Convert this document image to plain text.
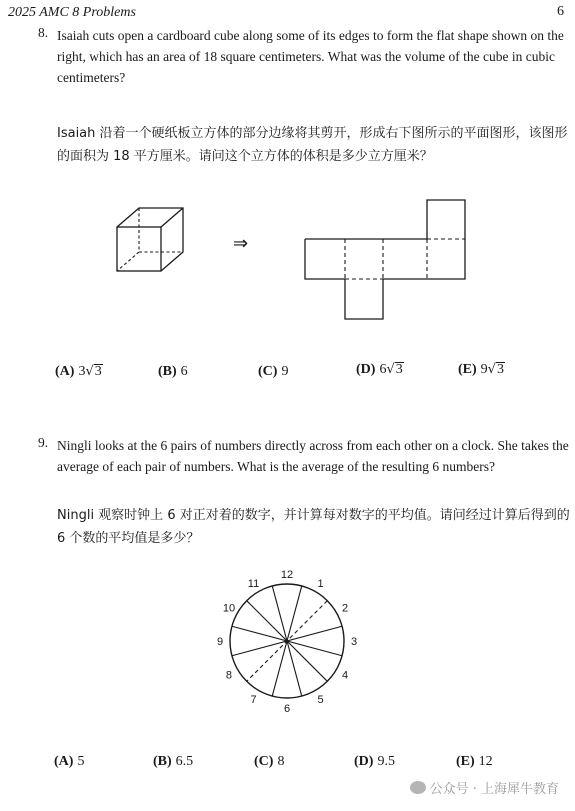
2025 AMC 8 Problems	6
8. Isaiah cuts open a cardboard cube along some of its edges to form the flat shape shown on the right, which has an area of 18 square centimeters. What was the volume of the cube in cubic centimeters?
Isaiah 沿着一个硬纸板立方体的部分边缘将其剪开，形成右下图所示的平面图形，该图形的面积为 18 平方厘米。请问这个立方体的体积是多少立方厘米？
⇒
(A) 3√3	(B) 6	(C) 9	(D) 6√3	(E) 9√3
9. Ningli looks at the 6 pairs of numbers directly across from each other on a clock. She takes the average of each pair of numbers. What is the average of the resulting 6 numbers?
Ningli 观察时钟上 6 对正对着的数字，并计算每对数字的平均值。请问经过计算后得到的 6 个数的平均值是多少？
12
1
2
3
4
5
6
7
8
9
10
11
(A) 5	(B) 6.5	(C) 8	(D) 9.5	(E) 12
公众号 · 上海犀牛教育
